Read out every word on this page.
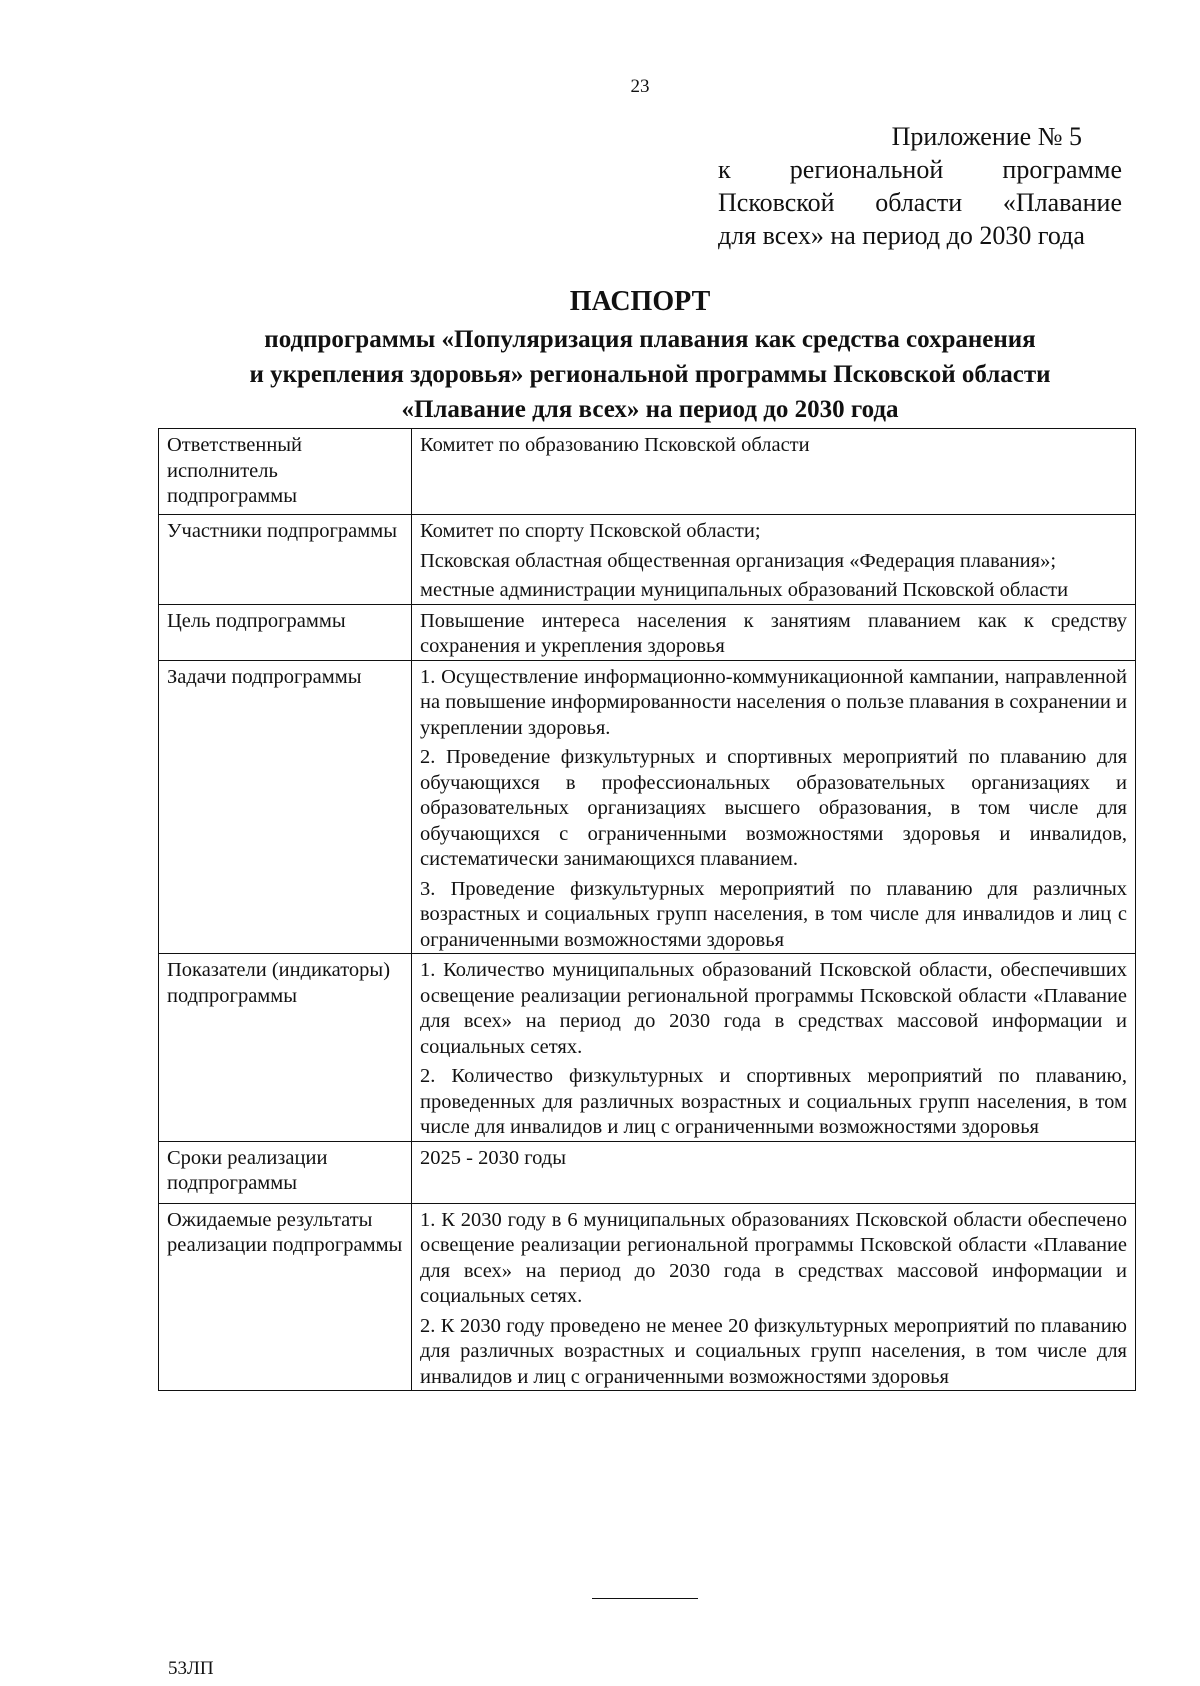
23
Приложение № 5
к региональной программе
Псковской области «Плавание
для всех» на период до 2030 года
ПАСПОРТ
подпрограммы «Популяризация плавания как средства сохранения
и укрепления здоровья» региональной программы Псковской области
«Плавание для всех» на период до 2030 года
Ответственный исполнитель подпрограммы	Комитет по образованию Псковской области

Участники подпрограммы	Комитет по спорту Псковской области;

Псковская областная общественная организация «Федерация плавания»;

местные администрации муниципальных образований Псковской области

Цель подпрограммы	Повышение интереса населения к занятиям плаванием как к средству сохранения и укрепления здоровья

Задачи подпрограммы	1. Осуществление информационно-коммуникационной кампании, направленной на повышение информированности населения о пользе плавания в сохранении и укреплении здоровья.

2. Проведение физкультурных и спортивных мероприятий по плаванию для обучающихся в профессиональных образовательных организациях и образовательных организациях высшего образования, в том числе для обучающихся с ограниченными возможностями здоровья и инвалидов, систематически занимающихся плаванием.

3. Проведение физкультурных мероприятий по плаванию для различных возрастных и социальных групп населения, в том числе для инвалидов и лиц с ограниченными возможностями здоровья

Показатели (индикаторы) подпрограммы	1. Количество муниципальных образований Псковской области, обеспечивших освещение реализации региональной программы Псковской области «Плавание для всех» на период до 2030 года в средствах массовой информации и социальных сетях.

2. Количество физкультурных и спортивных мероприятий по плаванию, проведенных для различных возрастных и социальных групп населения, в том числе для инвалидов и лиц с ограниченными возможностями здоровья

Сроки реализации подпрограммы	2025 - 2030 годы

Ожидаемые результаты реализации подпрограммы	1. К 2030 году в 6 муниципальных образованиях Псковской области обеспечено освещение реализации региональной программы Псковской области «Плавание для всех» на период до 2030 года в средствах массовой информации и социальных сетях.

2. К 2030 году проведено не менее 20 физкультурных мероприятий по плаванию для различных возрастных и социальных групп населения, в том числе для инвалидов и лиц с ограниченными возможностями здоровья

53ЛП
